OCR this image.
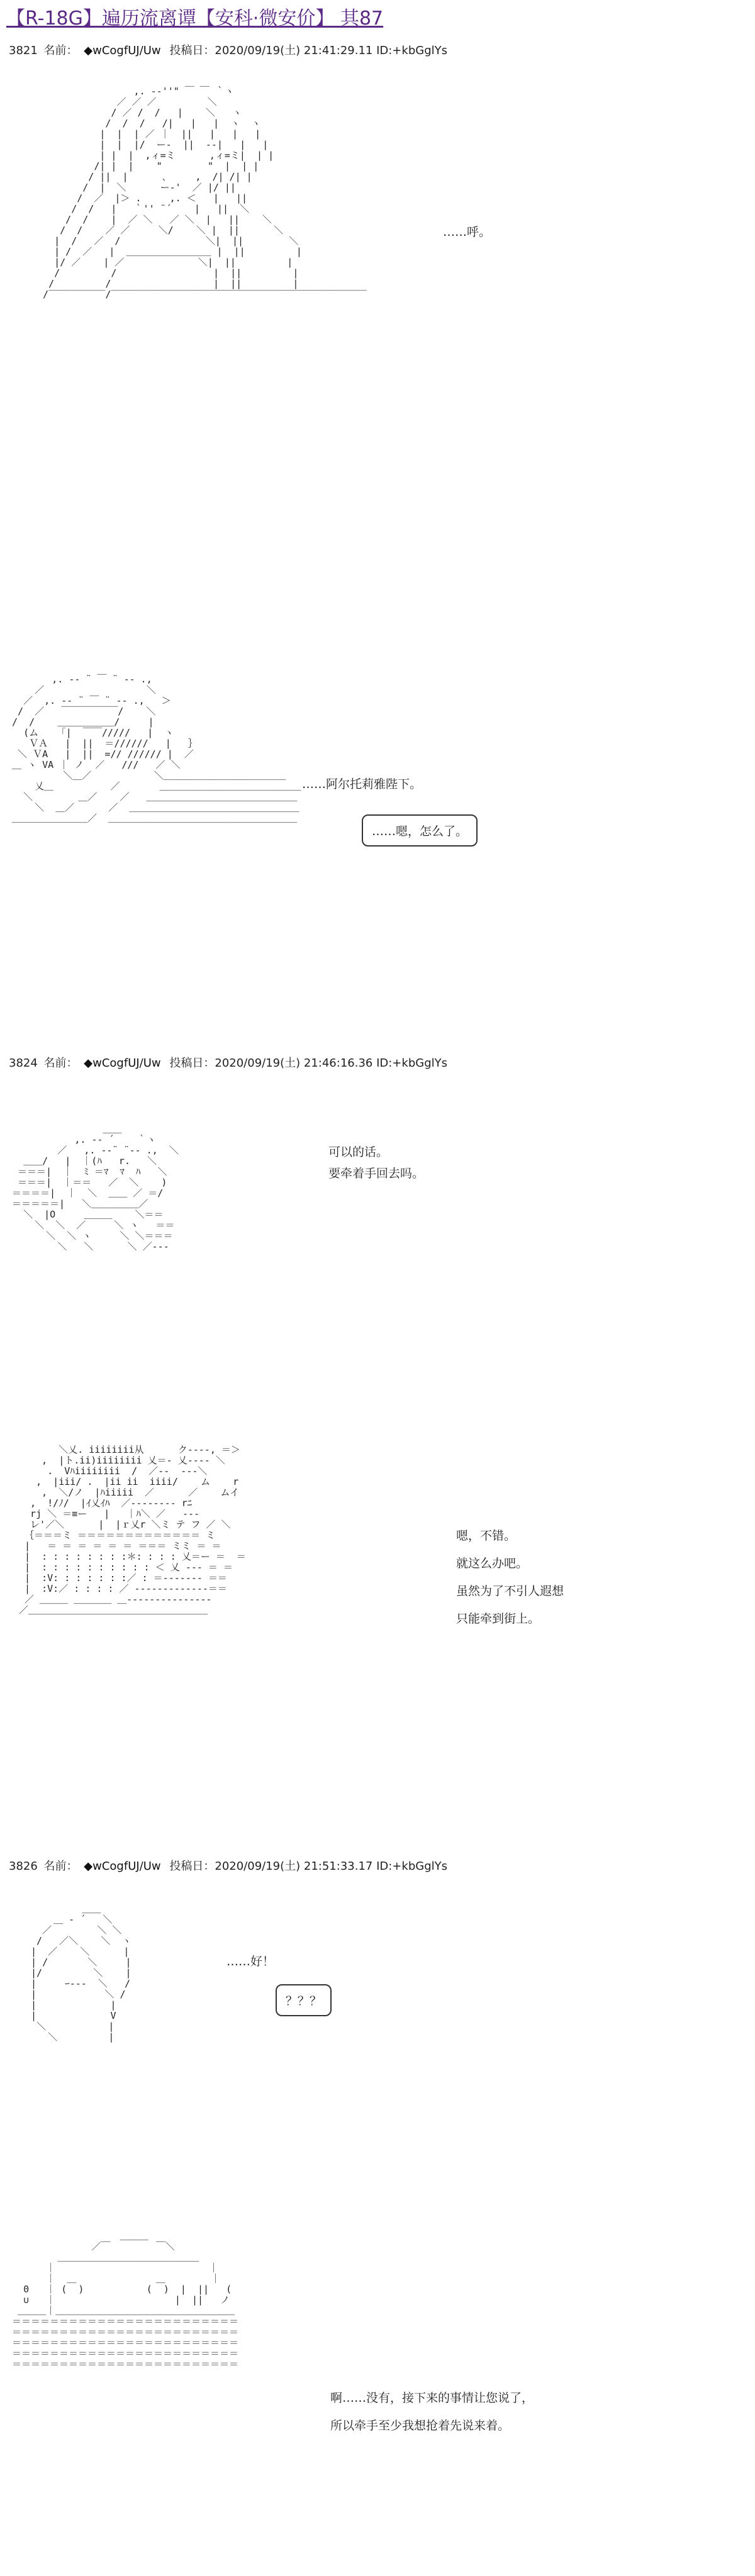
【R-18G】遍历流离谭【安科·微安价】 其87
3821 名前： ◆wCogfUJ/Uw 投稿日：2020/09/19(土) 21:41:29.11 ID:+kbGglYs

,. -‐''" ￣ ￣ ｀ヽ
／ ／ ／         ＼
/ ／ /  /   |    ＼   ヽ
/  /  /   /|   |   |  ヽ  ヽ
|  |  | ／ ｜  ||   |   |   |
|  |  |/  ー‐  ||  ‐-|   |   |
| |  |  ,ィ=ミ      ,ィ=ミ|  | |
/| |  |    "        "  |  | |
/ ||  |      ､     ,  /| /| |
/  |  ＼      ー‐'  ／ |/ ||
/  ／  |＞ .     ,. ＜   |   ||
/  /   |   ｀'' ¨´    |   ||  ＼
/  /    |  ／ ＼   ／ ＼  |   ||    ＼
/  /    ／ ／     ＼/    ＼ |  ||      ＼
|  /   ／  /               ＼|  ||        ＼
| /  ／   |  ＿＿＿＿＿＿＿＿＿ |  ||         |
|/ ／    | ／             ＼|  ||         |
/         /                 |  ||         |
/         /                  |  ||         |
/‾‾‾‾‾‾‾‾‾‾/‾‾‾‾‾‾‾‾‾‾‾‾‾‾‾‾‾‾‾‾‾‾‾‾‾‾‾‾‾‾‾‾‾‾‾‾‾‾‾‾‾‾‾‾‾

……呼。

,. -‐ ¨ ￣ ¨ ‐- .,
／                  ＼
／  ,. -‐ ¨ ￣ ¨ ‐- .,   ＞
/  ／   ￣￣￣￣￣￣/    ＼
/  /    ＿＿＿＿＿＿/     |
(ム    ｢|  ￣￣/////   |  ヽ
ＶＡ   |  ||  ＝//////   |   ｝
＼ ＶA   |  ||  =// ////// |  ／
＿ ヽ VA ｜ ノ  ／   ///   ／ ＼
＼＿／           ＼＿＿＿＿＿＿＿＿＿＿＿＿＿
乂＿          ／       ＿＿＿＿＿＿＿＿＿＿＿＿＿＿＿
＼        ＿／    ／   ＿＿＿＿＿＿＿＿＿＿＿＿＿＿＿＿
＼  ＿／      ／  ＿＿＿＿＿＿＿＿＿＿＿＿＿＿＿＿＿＿
＿＿＿＿＿＿＿＿／  ＿＿＿＿＿＿＿＿＿＿＿＿＿＿＿＿＿＿＿＿

……阿尔托莉雅陛下。
……嗯，怎么了。
3824 名前： ◆wCogfUJ/Uw 投稿日：2020/09/19(土) 21:46:16.36 ID:+kbGglYs

＿＿
,. -‐ ´    ｀ヽ
／   ,. -‐¨ ¨‐- .,  ＼
＿＿/   |  ｜(ﾊ   r.   ＼
＝＝＝|  ｜  ﾐ ＝ﾏ  ﾏ  ﾊ   ＼
＝＝＝|  ｜＝＝   ／  ＼    )
＝＝＝＝|  ｜  ＼  ＿＿ ／ ＝/
＝＝＝＝＝|   ＼＿＿＿＿＿／
＼  |O     ＿＿＿    ＼＝＝
＼  ＼  ／     ＼ ヽ   ＝＝
＼  ＼ ヽ     ＼ ＼＝＝＝
＼   ＼      ＼ ／‐‐‐

可以的话。
要牵着手回去吗。

＼乂. iiiiiiii从      ク‐‐‐‐, ＝＞
,  |ト.ii)iiiiiiii 乂＝‐ 乂‐‐‐‐ ＼
.  Vﾊiiiiiiii  /  ／‐‐  ‐‐‐＼
,  |iii/ .  |ii ii  iiii/    ム    r
,  ＼/ノ  |ﾊiiiii  ／      ／    ムイ
,  !/ﾉ/  |ｲ乂ｲﾊ  ／‐‐‐‐‐‐‐‐ rﾆ
rj ＼ ＝≡ー   |   ｜ﾊ＼ ／   ‐‐‐
レ'／＼      |  |ｒ乂r ＼ミ テ フ ／ ＼
｛＝＝＝ミ ＝＝＝＝＝＝＝＝＝＝＝＝＝ ミ
|   ＝ ＝ ＝ ＝ ＝ ＝ ＝＝＝ ミミ ＝ ＝
|  : : : : : : : :＊: : : : 乂＝ー ＝  ＝
|  : : : : : : : : : : ＜ 乂 ‐‐‐ ＝ ＝
|  :V: : : : : : :／ : ＝‐‐‐‐‐‐‐ ＝＝
|  :V:／ : : : : ／ ‐‐‐‐‐‐‐‐‐‐‐‐‐＝＝
／ ＿＿＿ ＿＿＿＿ ＿‐‐‐‐‐‐‐‐‐‐‐‐‐‐‐
／＿＿＿＿＿＿＿＿＿＿＿＿＿＿＿＿＿＿＿

嗯，不错。
就这么办吧。
虽然为了不引人遐想
只能牵到街上。
3826 名前： ◆wCogfUJ/Uw 投稿日：2020/09/19(土) 21:51:33.17 ID:+kbGglYs

＿＿
＿ ‐ ´   ＼
／        ＼ ＼
/   ／＼    ＼  ヽ
|  ／    ＼      |
| /       ＼     |
|/         ＼    |
|     ｰ‐‐‐  ＼   /
|            ＼ /
|             |
|             V
＼           |
＼         |

……好！
？？？

＿＿＿
／￣        ￣＼
＿＿＿＿＿＿＿＿＿＿＿＿＿＿＿
｜                           ｜
｜  ＿              ＿        ｜
0   ｜ (  )           (  )  |  ||   (
∪   ｜                     |  ||   ノ
＿＿＿｜＿＿＿＿＿＿＿＿＿＿＿＿＿＿＿＿＿＿＿
＝＝＝＝＝＝＝＝＝＝＝＝＝＝＝＝＝＝＝＝＝＝＝＝
＝＝＝＝＝＝＝＝＝＝＝＝＝＝＝＝＝＝＝＝＝＝＝＝
＝＝＝＝＝＝＝＝＝＝＝＝＝＝＝＝＝＝＝＝＝＝＝＝
＝＝＝＝＝＝＝＝＝＝＝＝＝＝＝＝＝＝＝＝＝＝＝＝
＝＝＝＝＝＝＝＝＝＝＝＝＝＝＝＝＝＝＝＝＝＝＝＝

啊……没有，接下来的事情让您说了，
所以牵手至少我想抢着先说来着。
